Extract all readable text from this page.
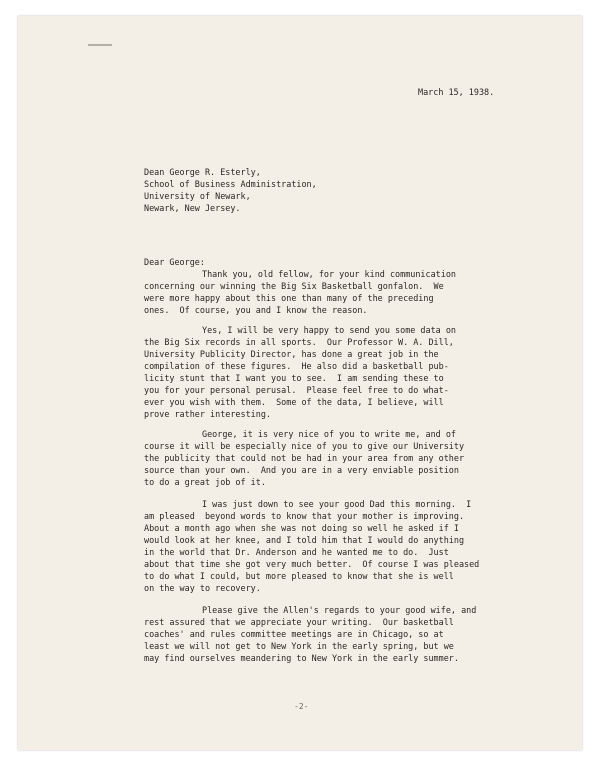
March 15, 1938.
Dean George R. Esterly,
School of Business Administration,
University of Newark,
Newark, New Jersey.
Dear George:
Thank you, old fellow, for your kind communication
concerning our winning the Big Six Basketball gonfalon.  We
were more happy about this one than many of the preceding
ones.  Of course, you and I know the reason.
Yes, I will be very happy to send you some data on
the Big Six records in all sports.  Our Professor W. A. Dill,
University Publicity Director, has done a great job in the
compilation of these figures.  He also did a basketball pub-
licity stunt that I want you to see.  I am sending these to
you for your personal perusal.  Please feel free to do what-
ever you wish with them.  Some of the data, I believe, will
prove rather interesting.
George, it is very nice of you to write me, and of
course it will be especially nice of you to give our University
the publicity that could not be had in your area from any other
source than your own.  And you are in a very enviable position
to do a great job of it.
I was just down to see your good Dad this morning.  I
am pleased  beyond words to know that your mother is improving.
About a month ago when she was not doing so well he asked if I
would look at her knee, and I told him that I would do anything
in the world that Dr. Anderson and he wanted me to do.  Just
about that time she got very much better.  Of course I was pleased
to do what I could, but more pleased to know that she is well
on the way to recovery.
Please give the Allen's regards to your good wife, and
rest assured that we appreciate your writing.  Our basketball
coaches' and rules committee meetings are in Chicago, so at
least we will not get to New York in the early spring, but we
may find ourselves meandering to New York in the early summer.
-2-
